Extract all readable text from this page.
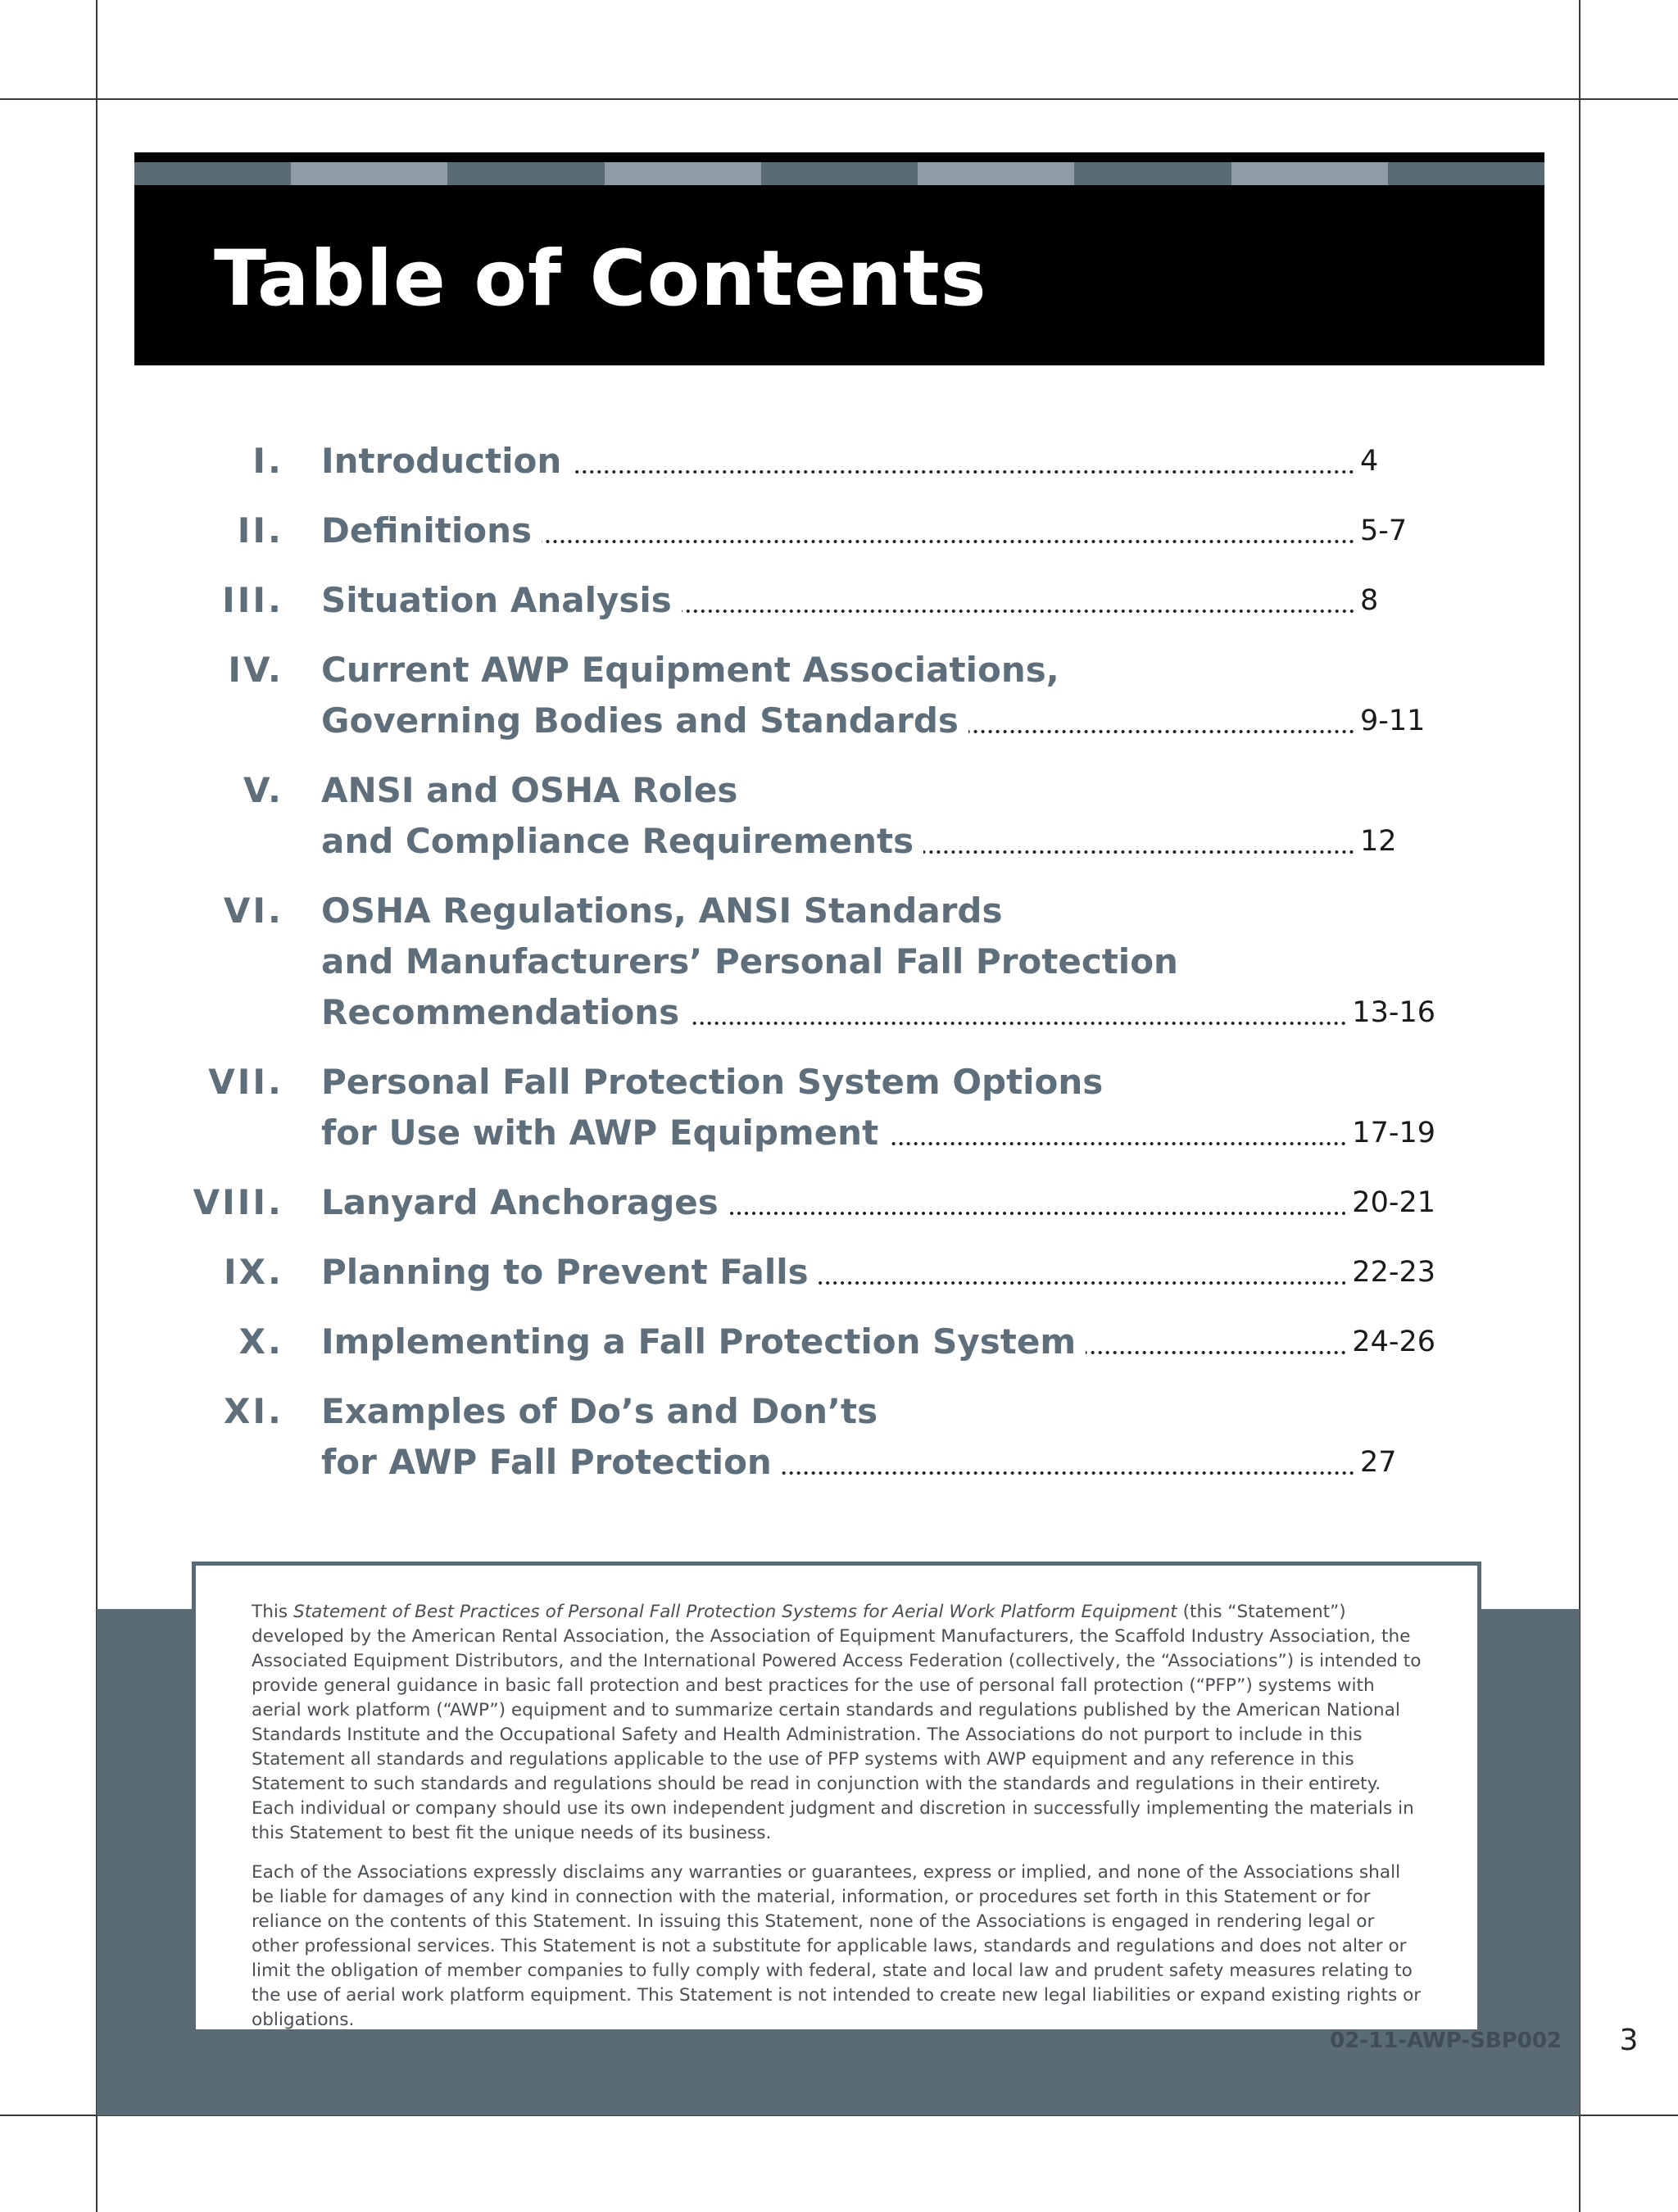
Table of Contents
I. Introduction	4
II. Definitions	5-7
III. Situation Analysis	8
IV. Current AWP Equipment Associations,
Governing Bodies and Standards	9-11
V. ANSI and OSHA Roles
and Compliance Requirements	12
VI. OSHA Regulations, ANSI Standards
and Manufacturers’ Personal Fall Protection
Recommendations	13-16
VII. Personal Fall Protection System Options
for Use with AWP Equipment	17-19
VIII. Lanyard Anchorages	20-21
IX. Planning to Prevent Falls	22-23
X. Implementing a Fall Protection System	24-26
XI. Examples of Do’s and Don’ts
for AWP Fall Protection	27

This Statement of Best Practices of Personal Fall Protection Systems for Aerial Work Platform Equipment (this “Statement”) developed by the American Rental Association, the Association of Equipment Manufacturers, the Scaffold Industry Association, the Associated Equipment Distributors, and the International Powered Access Federation (collectively, the “Associations”) is intended to provide general guidance in basic fall protection and best practices for the use of personal fall protection (“PFP”) systems with aerial work platform (“AWP”) equipment and to summarize certain standards and regulations published by the American National Standards Institute and the Occupational Safety and Health Administration. The Associations do not purport to include in this Statement all standards and regulations applicable to the use of PFP systems with AWP equipment and any reference in this Statement to such standards and regulations should be read in conjunction with the standards and regulations in their entirety. Each individual or company should use its own independent judgment and discretion in successfully implementing the materials in this Statement to best fit the unique needs of its business.

Each of the Associations expressly disclaims any warranties or guarantees, express or implied, and none of the Associations shall be liable for damages of any kind in connection with the material, information, or procedures set forth in this Statement or for reliance on the contents of this Statement. In issuing this Statement, none of the Associations is engaged in rendering legal or other professional services. This Statement is not a substitute for applicable laws, standards and regulations and does not alter or limit the obligation of member companies to fully comply with federal, state and local law and prudent safety measures relating to the use of aerial work platform equipment. This Statement is not intended to create new legal liabilities or expand existing rights or obligations.

02-11-AWP-SBP002	3
